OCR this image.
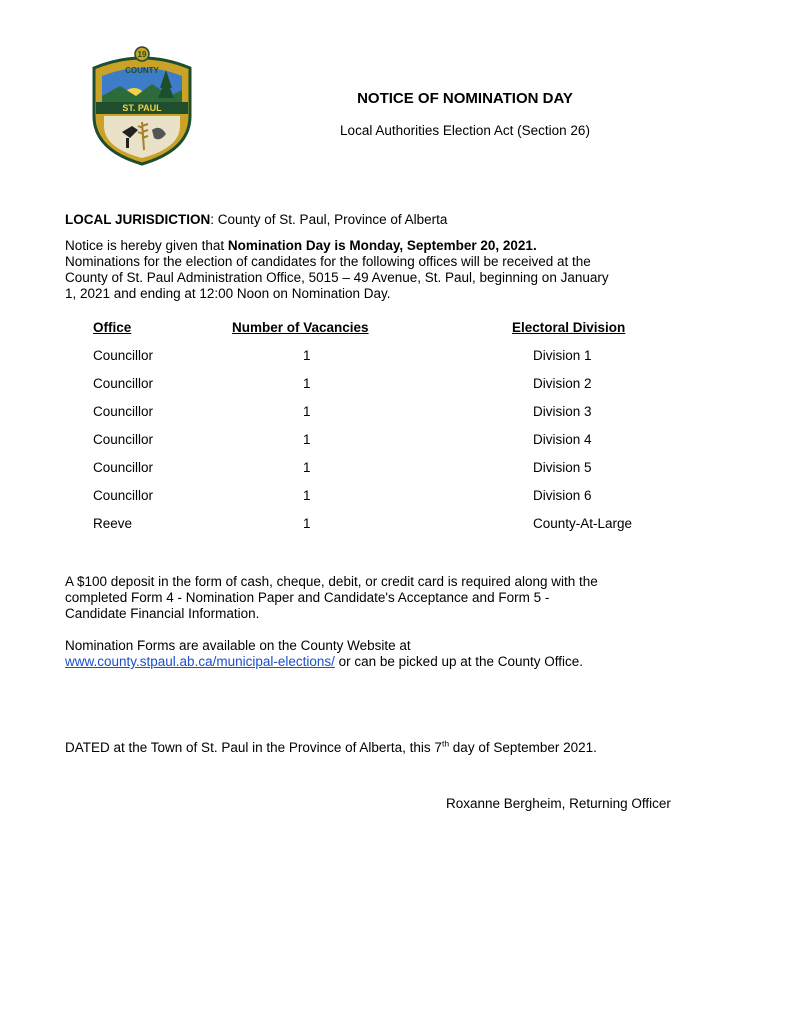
19
COUNTY
ST. PAUL
NOTICE OF NOMINATION DAY

Local Authorities Election Act (Section 26)

LOCAL JURISDICTION: County of St. Paul, Province of Alberta

Notice is hereby given that Nomination Day is Monday, September 20, 2021.
Nominations for the election of candidates for the following offices will be received at the
County of St. Paul Administration Office, 5015 – 49 Avenue, St. Paul, beginning on January
1, 2021 and ending at 12:00 Noon on Nomination Day.

Office	Number of Vacancies	Electoral Division
Councillor	1	Division 1
Councillor	1	Division 2
Councillor	1	Division 3
Councillor	1	Division 4
Councillor	1	Division 5
Councillor	1	Division 6
Reeve	1	County-At-Large

A $100 deposit in the form of cash, cheque, debit, or credit card is required along with the
completed Form 4 - Nomination Paper and Candidate's Acceptance and Form 5 -
Candidate Financial Information.

Nomination Forms are available on the County Website at
www.county.stpaul.ab.ca/municipal-elections/ or can be picked up at the County Office.

DATED at the Town of St. Paul in the Province of Alberta, this 7th day of September 2021.

Roxanne Bergheim, Returning Officer
